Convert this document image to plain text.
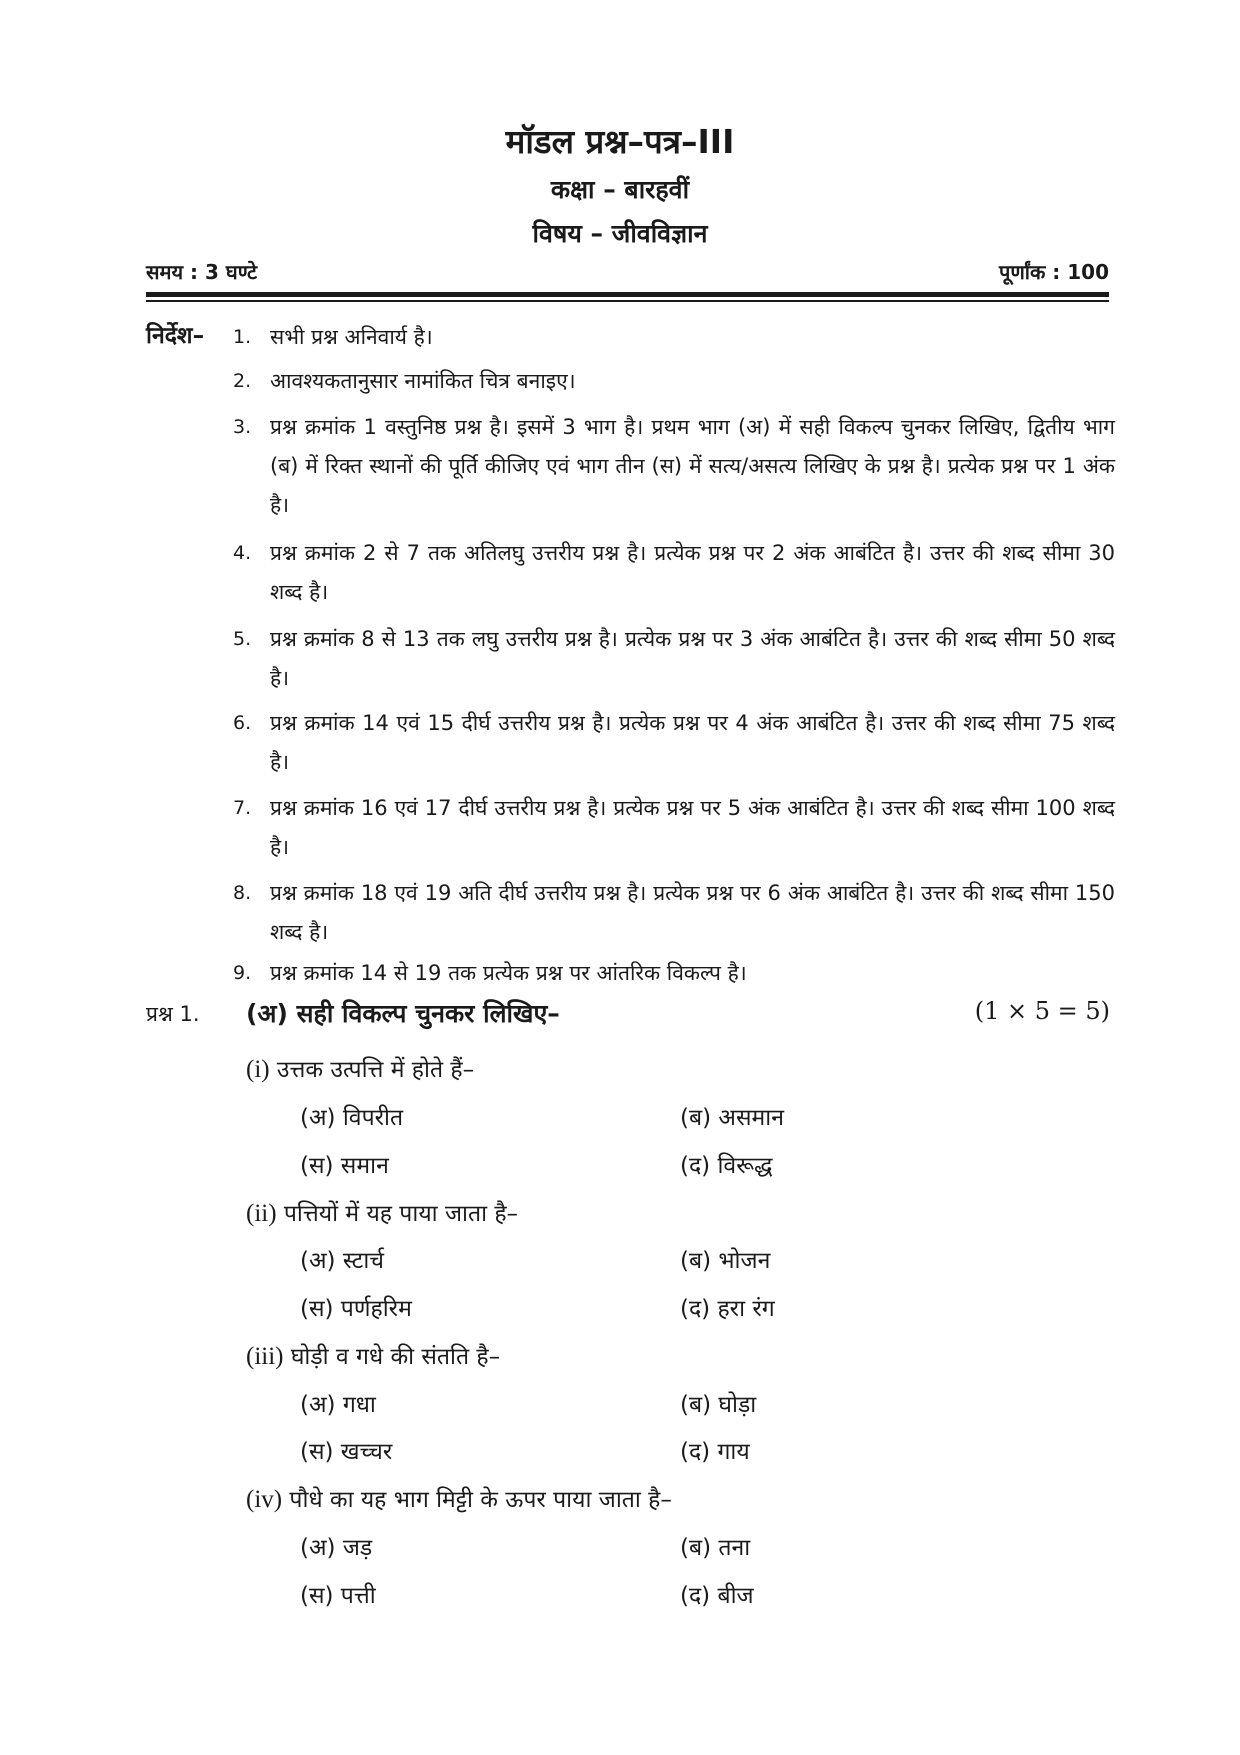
मॉडल प्रश्न–पत्र–III
कक्षा – बारहवीं
विषय – जीवविज्ञान
समय : 3 घण्टे	पूर्णांक : 100
निर्देश– 1. सभी प्रश्न अनिवार्य है।
2. आवश्यकतानुसार नामांकित चित्र बनाइए।
3. प्रश्न क्रमांक 1 वस्तुनिष्ठ प्रश्न है। इसमें 3 भाग है। प्रथम भाग (अ) में सही विकल्प चुनकर लिखिए, द्वितीय भाग (ब) में रिक्त स्थानों की पूर्ति कीजिए एवं भाग तीन (स) में सत्य/असत्य लिखिए के प्रश्न है। प्रत्येक प्रश्न पर 1 अंक है।
4. प्रश्न क्रमांक 2 से 7 तक अतिलघु उत्तरीय प्रश्न है। प्रत्येक प्रश्न पर 2 अंक आबंटित है। उत्तर की शब्द सीमा 30 शब्द है।
5. प्रश्न क्रमांक 8 से 13 तक लघु उत्तरीय प्रश्न है। प्रत्येक प्रश्न पर 3 अंक आबंटित है। उत्तर की शब्द सीमा 50 शब्द है।
6. प्रश्न क्रमांक 14 एवं 15 दीर्घ उत्तरीय प्रश्न है। प्रत्येक प्रश्न पर 4 अंक आबंटित है। उत्तर की शब्द सीमा 75 शब्द है।
7. प्रश्न क्रमांक 16 एवं 17 दीर्घ उत्तरीय प्रश्न है। प्रत्येक प्रश्न पर 5 अंक आबंटित है। उत्तर की शब्द सीमा 100 शब्द है।
8. प्रश्न क्रमांक 18 एवं 19 अति दीर्घ उत्तरीय प्रश्न है। प्रत्येक प्रश्न पर 6 अंक आबंटित है। उत्तर की शब्द सीमा 150 शब्द है।
9. प्रश्न क्रमांक 14 से 19 तक प्रत्येक प्रश्न पर आंतरिक विकल्प है।
प्रश्न 1. (अ) सही विकल्प चुनकर लिखिए–	(1 × 5 = 5)
(i) उत्तक उत्पत्ति में होते हैं–
(अ) विपरीत	(ब) असमान
(स) समान	(द) विरूद्ध
(ii) पत्तियों में यह पाया जाता है–
(अ) स्टार्च	(ब) भोजन
(स) पर्णहरिम	(द) हरा रंग
(iii) घोड़ी व गधे की संतति है–
(अ) गधा	(ब) घोड़ा
(स) खच्चर	(द) गाय
(iv) पौधे का यह भाग मिट्टी के ऊपर पाया जाता है–
(अ) जड़	(ब) तना
(स) पत्ती	(द) बीज
